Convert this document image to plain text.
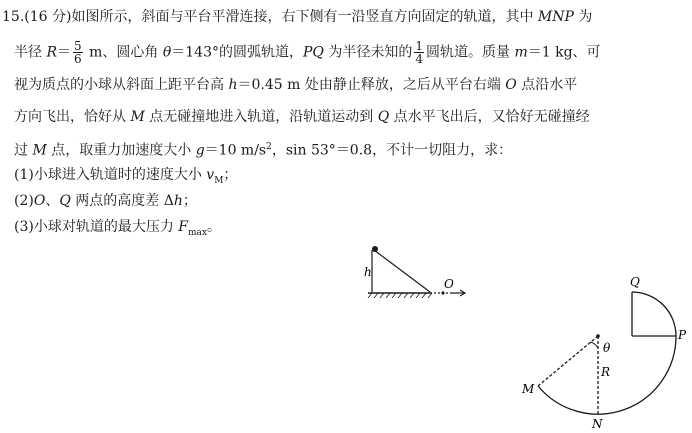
15.(16 分)如图所示，斜面与平台平滑连接，右下侧有一沿竖直方向固定的轨道，其中 MNP 为
半径 $R= \frac{5}{6}$ m、圆心角 θ＝143°的圆弧轨道，PQ 为半径未知的 $\frac{1}{4}$ 圆轨道。质量 m＝1 kg、可
视为质点的小球从斜面上距平台高 h＝0.45 m 处由静止释放，之后从平台右端 O 点沿水平
方向飞出，恰好从 M 点无碰撞地进入轨道，沿轨道运动到 Q 点水平飞出后，又恰好无碰撞经
过 M 点，取重力加速度大小 g＝10 $m/s^2$，sin 53°＝0.8，不计一切阻力，求：
(1)小球进入轨道时的速度大小 $v_M$；
(2)O、Q 两点的高度差 Δh；
(3)小球对轨道的最大压力 $F_{max}$。
h
O	Q
P
θ
R
M
N
